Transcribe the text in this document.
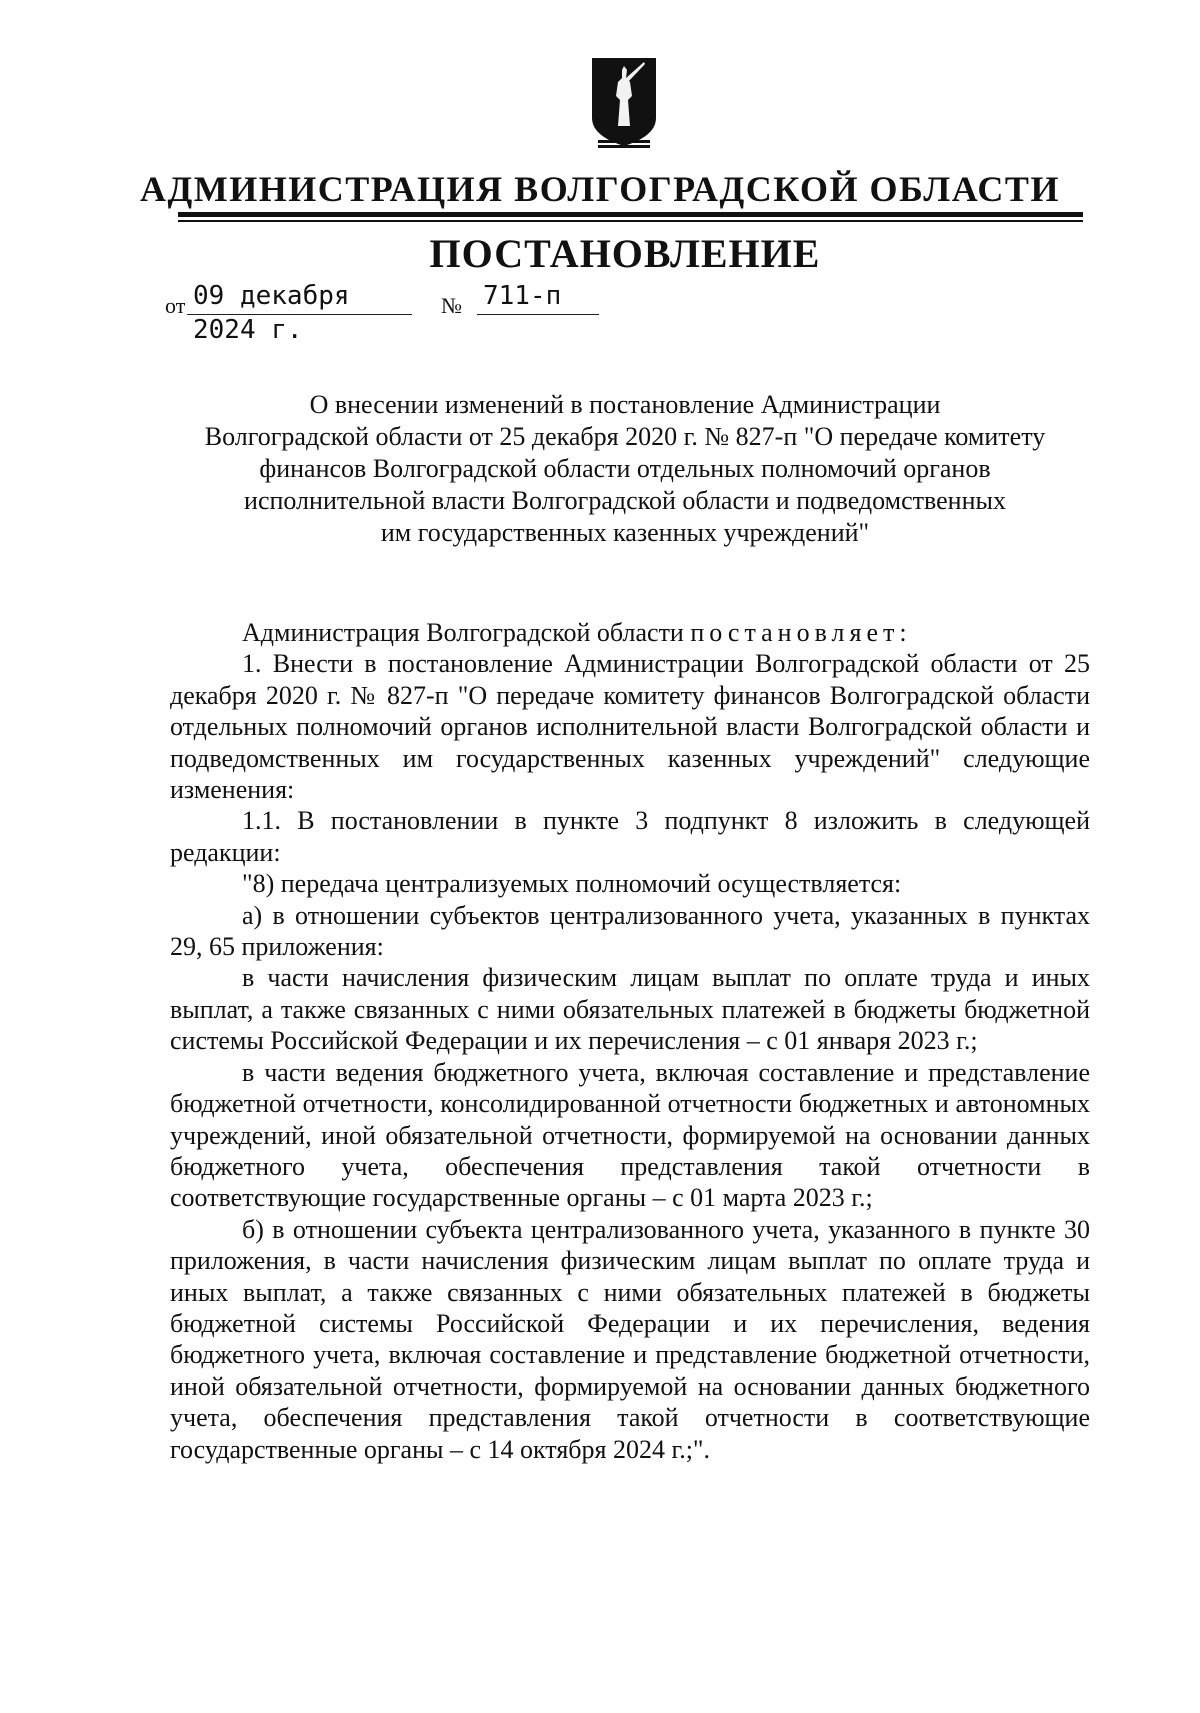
АДМИНИСТРАЦИЯ ВОЛГОГРАДСКОЙ ОБЛАСТИ
ПОСТАНОВЛЕНИЕ
от 09 декабря 2024 г.
№ 711-п
О внесении изменений в постановление Администрации
Волгоградской области от 25 декабря 2020 г. № 827-п "О передаче комитету
финансов Волгоградской области отдельных полномочий органов
исполнительной власти Волгоградской области и подведомственных
им государственных казенных учреждений"

Администрация Волгоградской области постановляет:

1. Внести в постановление Администрации Волгоградской области от 25 декабря 2020 г. № 827-п "О передаче комитету финансов Волгоградской области отдельных полномочий органов исполнительной власти Волгоградской области и подведомственных им государственных казенных учреждений" следующие изменения:

1.1. В постановлении в пункте 3 подпункт 8 изложить в следующей редакции:

"8) передача централизуемых полномочий осуществляется:

а) в отношении субъектов централизованного учета, указанных в пунктах 29, 65 приложения:

в части начисления физическим лицам выплат по оплате труда и иных выплат, а также связанных с ними обязательных платежей в бюджеты бюджетной системы Российской Федерации и их перечисления – с 01 января 2023 г.;

в части ведения бюджетного учета, включая составление и представление бюджетной отчетности, консолидированной отчетности бюджетных и автономных учреждений, иной обязательной отчетности, формируемой на основании данных бюджетного учета, обеспечения представления такой отчетности в соответствующие государственные органы – с 01 марта 2023 г.;

б) в отношении субъекта централизованного учета, указанного в пункте 30 приложения, в части начисления физическим лицам выплат по оплате труда и иных выплат, а также связанных с ними обязательных платежей в бюджеты бюджетной системы Российской Федерации и их перечисления, ведения бюджетного учета, включая составление и представление бюджетной отчетности, иной обязательной отчетности, формируемой на основании данных бюджетного учета, обеспечения представления такой отчетности в соответствующие государственные органы – с 14 октября 2024 г.;".
